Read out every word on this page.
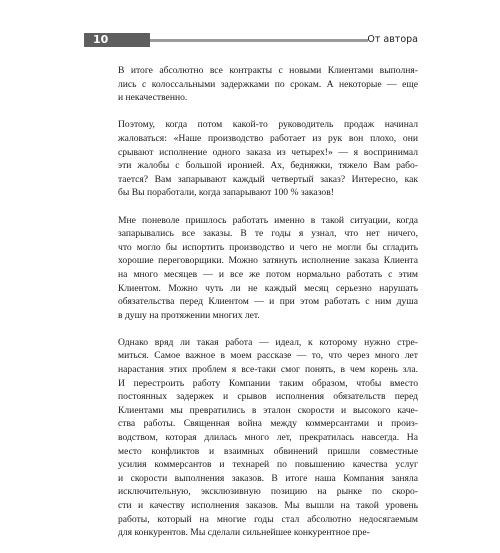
10	От автора
В итоге абсолютно все контракты с новыми Клиентами выполня-
лись с колоссальными задержками по срокам. А некоторые — еще
и некачественно.
Поэтому, когда потом какой-то руководитель продаж начинал
жаловаться: «Наше производство работает из рук вон плохо, они
срывают исполнение одного заказа из четырех!» — я воспринимал
эти жалобы с большой иронией. Ах, бедняжки, тяжело Вам рабо-
тается? Вам запарывают каждый четвертый заказ? Интересно, как
бы Вы поработали, когда запарывают 100 % заказов!
Мне поневоле пришлось работать именно в такой ситуации, когда
запарывались все заказы. В те годы я узнал, что нет ничего,
что могло бы испортить производство и чего не могли бы сгладить
хорошие переговорщики. Можно затянуть исполнение заказа Клиента
на много месяцев — и все же потом нормально работать с этим
Клиентом. Можно чуть ли не каждый месяц серьезно нарушать
обязательства перед Клиентом — и при этом работать с ним душа
в душу на протяжении многих лет.
Однако вряд ли такая работа — идеал, к которому нужно стре-
миться. Самое важное в моем рассказе — то, что через много лет
нарастания этих проблем я все-таки смог понять, в чем корень зла.
И перестроить работу Компании таким образом, чтобы вместо
постоянных задержек и срывов исполнения обязательств перед
Клиентами мы превратились в эталон скорости и высокого каче-
ства работы. Священная война между коммерсантами и произ-
водством, которая длилась много лет, прекратилась навсегда. На
место конфликтов и взаимных обвинений пришли совместные
усилия коммерсантов и технарей по повышению качества услуг
и скорости выполнения заказов. В итоге наша Компания заняла
исключительную, эксклюзивную позицию на рынке по скоро-
сти и качеству исполнения заказов. Мы вышли на такой уровень
работы, который на многие годы стал абсолютно недосягаемым
для конкурентов. Мы сделали сильнейшее конкурентное пре-
